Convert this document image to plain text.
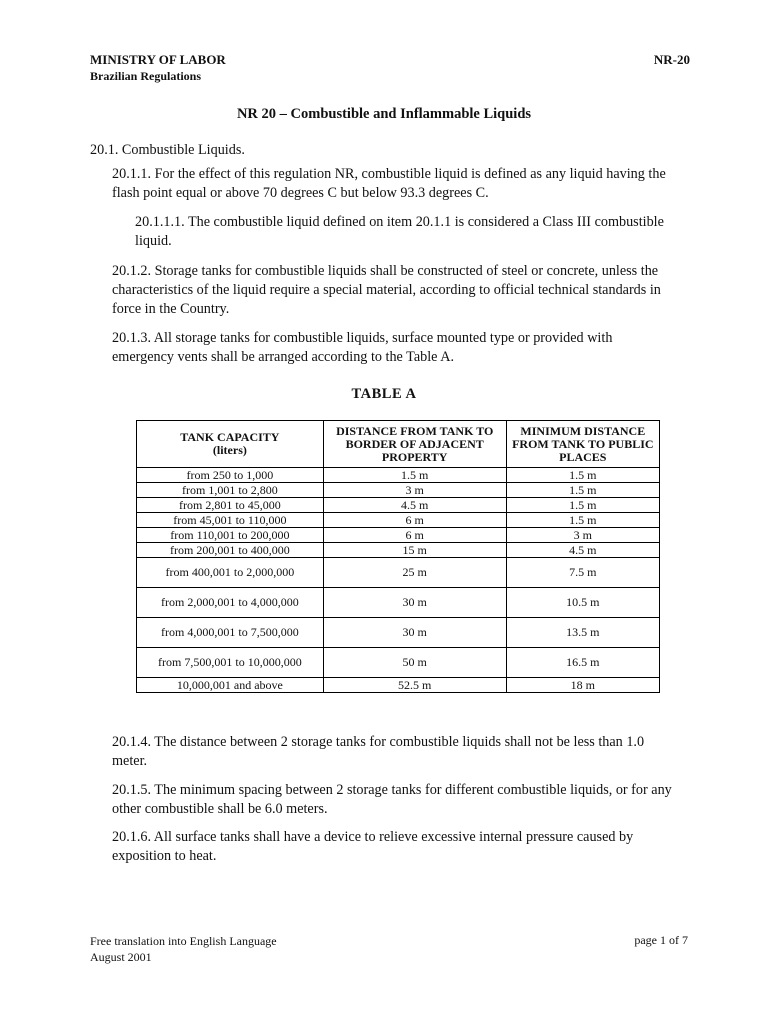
MINISTRY OF LABOR
Brazilian Regulations
NR-20
NR 20 – Combustible and Inflammable Liquids
20.1. Combustible Liquids.
20.1.1. For the effect of this regulation NR, combustible liquid is defined as any liquid having the flash point equal or above 70 degrees C but below 93.3 degrees C.
20.1.1.1. The combustible liquid defined on item 20.1.1 is considered a Class III combustible liquid.
20.1.2. Storage tanks for combustible liquids shall be constructed of steel or concrete, unless the characteristics of the liquid require a special material, according to official technical standards in force in the Country.
20.1.3. All storage tanks for combustible liquids, surface mounted type or provided with emergency vents shall be arranged according to the Table A.
TABLE A
TANK CAPACITY
(liters)	DISTANCE FROM TANK TO BORDER OF ADJACENT PROPERTY	MINIMUM DISTANCE FROM TANK TO PUBLIC PLACES
from 250 to 1,000	1.5 m	1.5 m
from 1,001 to 2,800	3 m	1.5 m
from 2,801 to 45,000	4.5 m	1.5 m
from 45,001 to 110,000	6 m	1.5 m
from 110,001 to 200,000	6 m	3 m
from 200,001 to 400,000	15 m	4.5 m
from 400,001 to 2,000,000	25 m	7.5 m
from 2,000,001 to 4,000,000	30 m	10.5 m
from 4,000,001 to 7,500,000	30 m	13.5 m
from 7,500,001 to 10,000,000	50 m	16.5 m
10,000,001 and above	52.5 m	18 m
20.1.4. The distance between 2 storage tanks for combustible liquids shall not be less than 1.0 meter.
20.1.5. The minimum spacing between 2 storage tanks for different combustible liquids, or for any other combustible shall be 6.0 meters.
20.1.6. All surface tanks shall have a device to relieve excessive internal pressure caused by exposition to heat.
Free translation into English Language
August 2001
page 1 of 7
